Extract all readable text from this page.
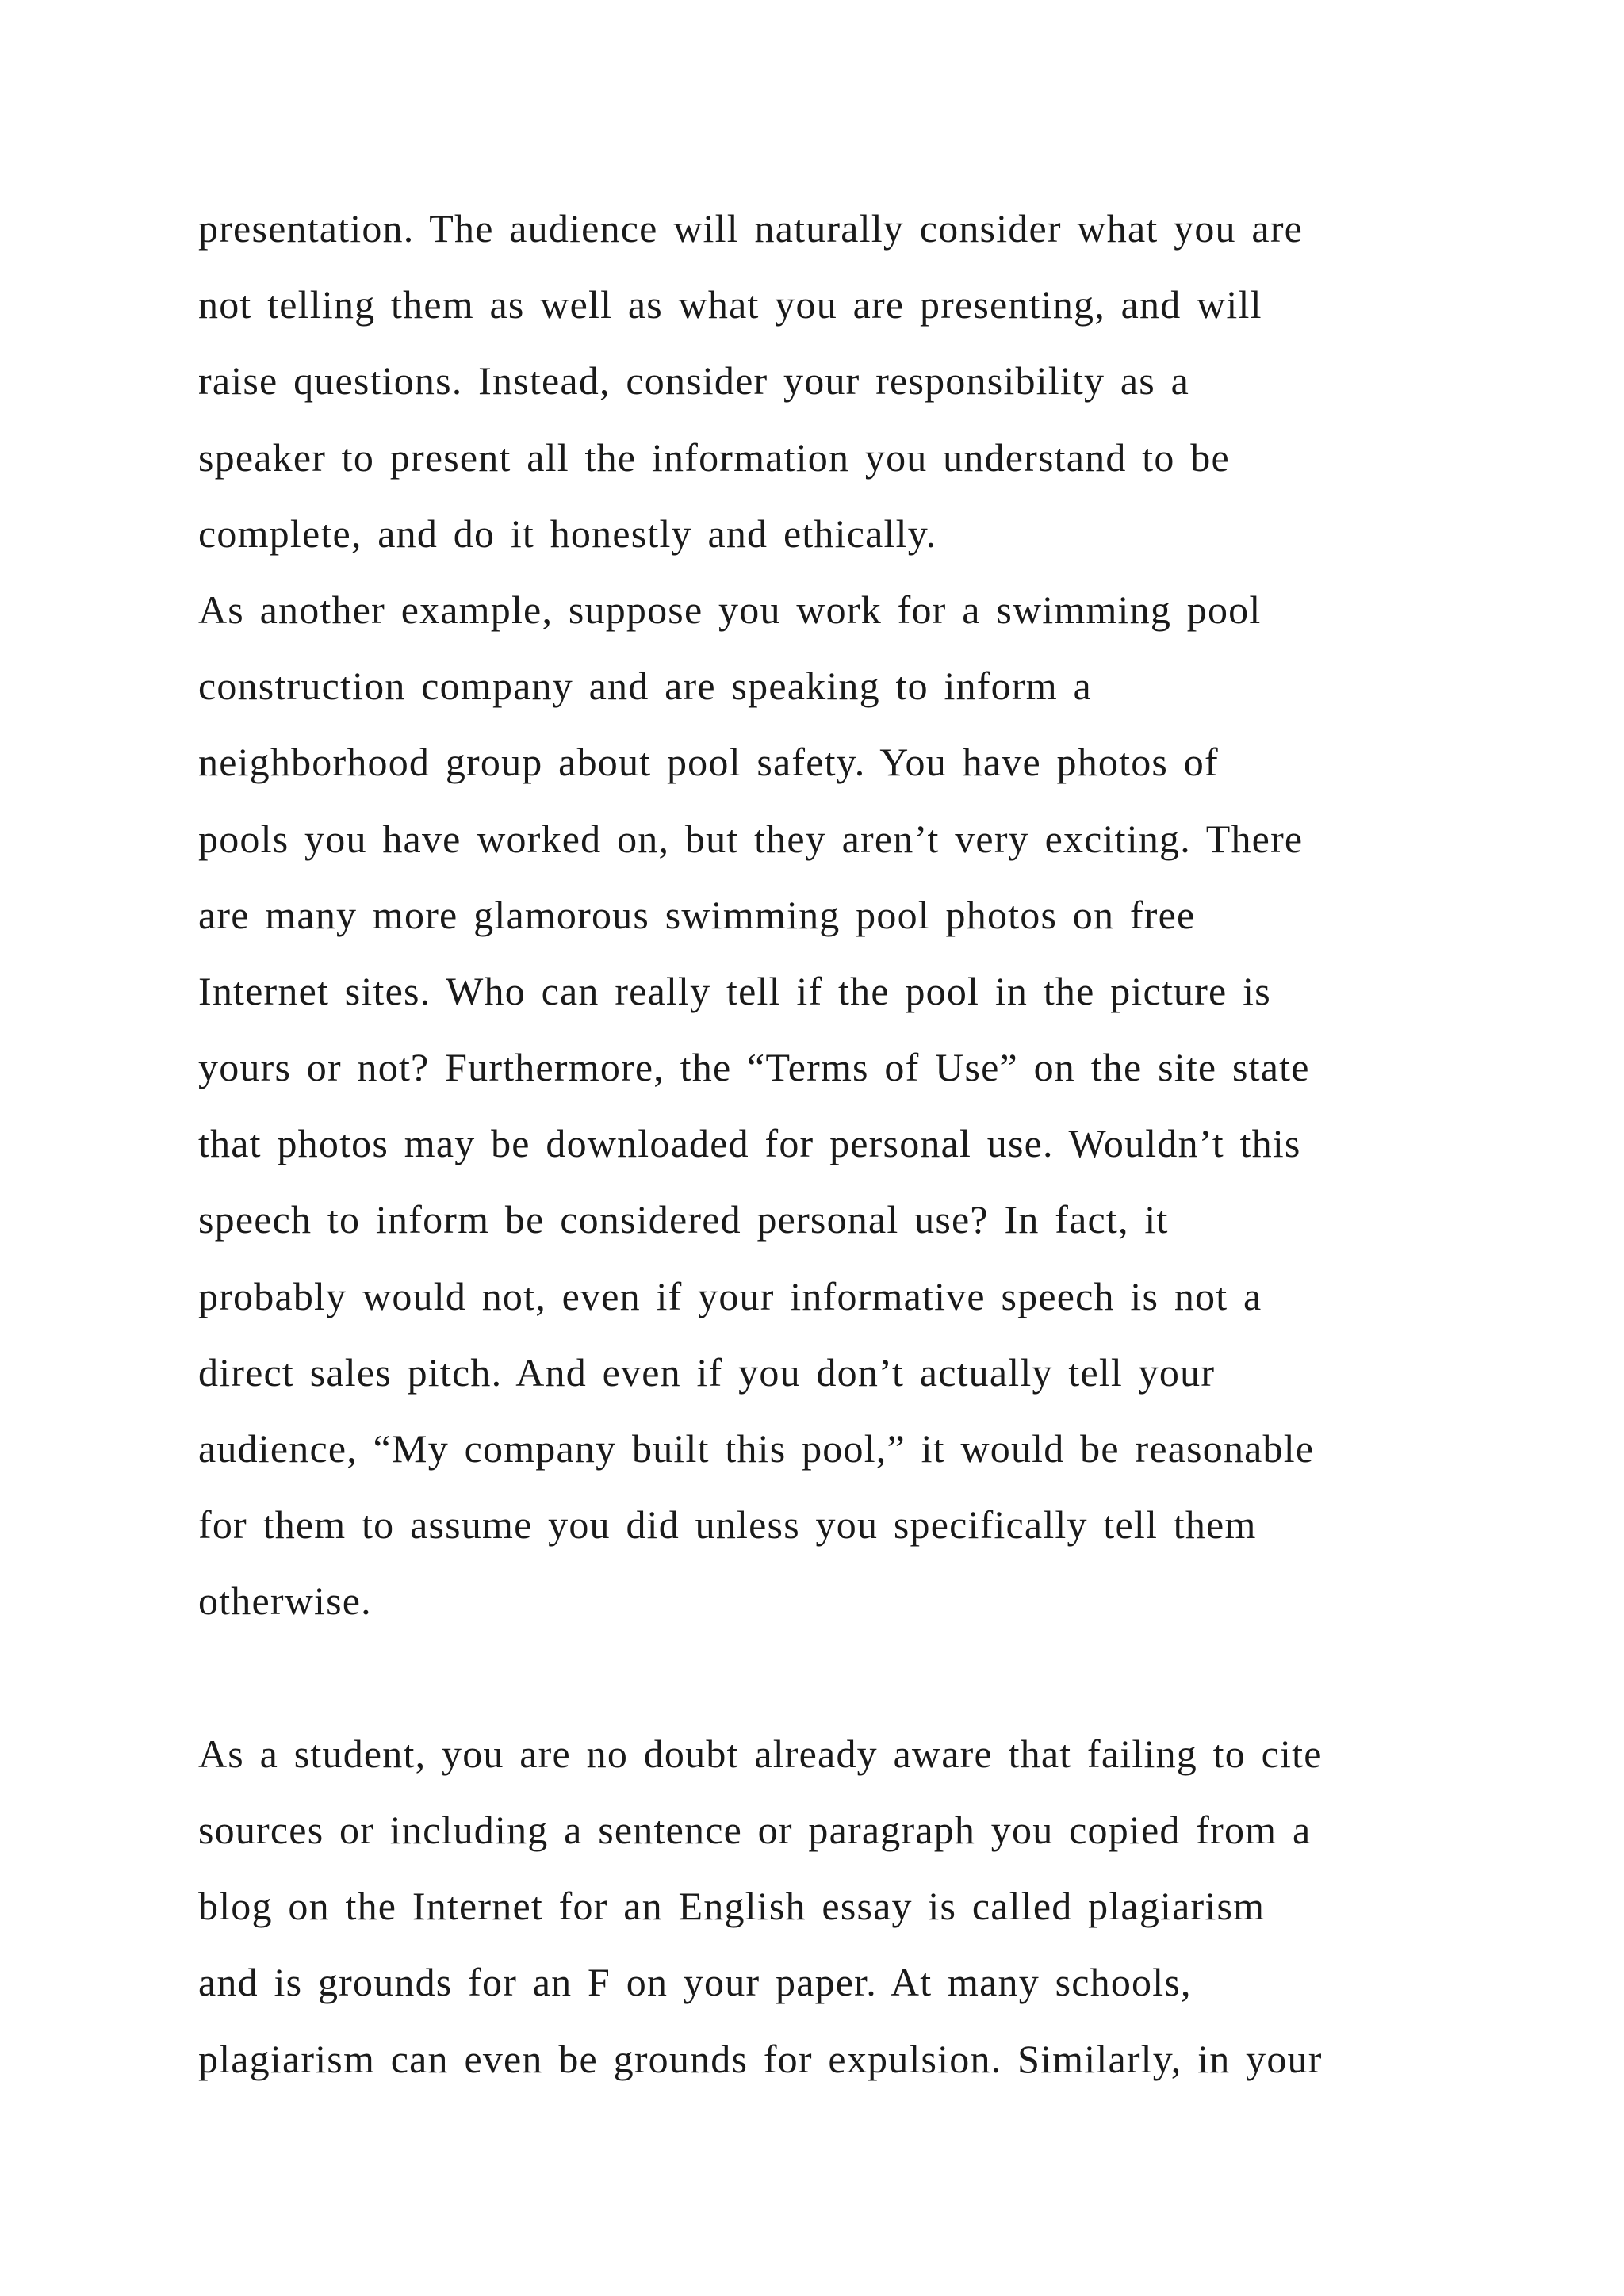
presentation. The audience will naturally consider what you are
not telling them as well as what you are presenting, and will
raise questions. Instead, consider your responsibility as a
speaker to present all the information you understand to be
complete, and do it honestly and ethically.
As another example, suppose you work for a swimming pool
construction company and are speaking to inform a
neighborhood group about pool safety. You have photos of
pools you have worked on, but they aren’t very exciting. There
are many more glamorous swimming pool photos on free
Internet sites. Who can really tell if the pool in the picture is
yours or not? Furthermore, the “Terms of Use” on the site state
that photos may be downloaded for personal use. Wouldn’t this
speech to inform be considered personal use? In fact, it
probably would not, even if your informative speech is not a
direct sales pitch. And even if you don’t actually tell your
audience, “My company built this pool,” it would be reasonable
for them to assume you did unless you specifically tell them
otherwise.
As a student, you are no doubt already aware that failing to cite
sources or including a sentence or paragraph you copied from a
blog on the Internet for an English essay is called plagiarism
and is grounds for an F on your paper. At many schools,
plagiarism can even be grounds for expulsion. Similarly, in your
